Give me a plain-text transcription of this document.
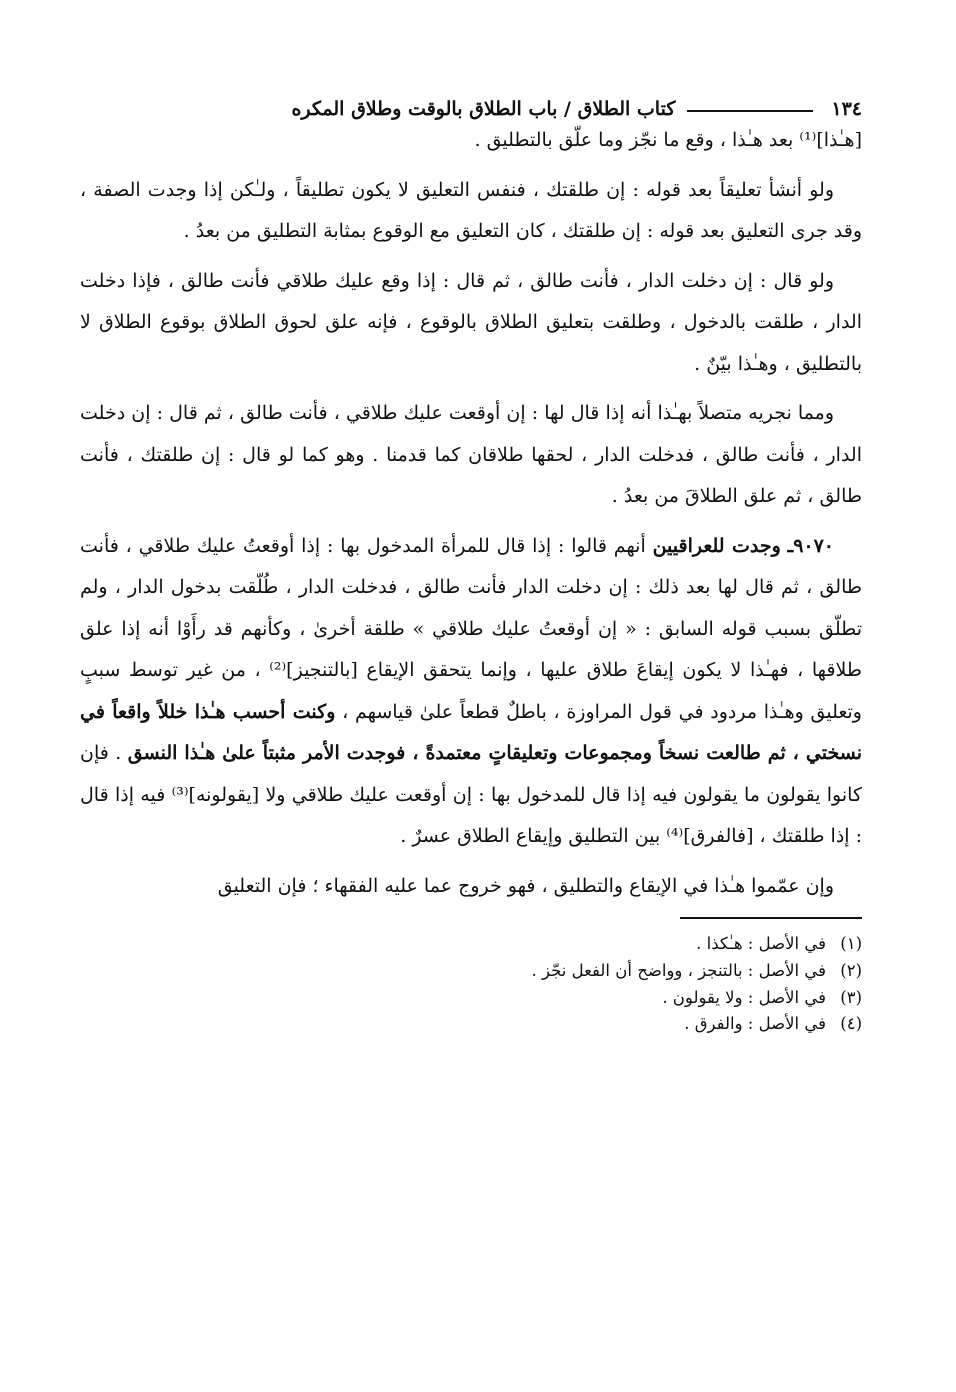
١٣٤
كتاب الطلاق / باب الطلاق بالوقت وطلاق المكره

[هـٰذا]⁽¹⁾ بعد هـٰذا ، وقع ما نجّز وما علّق بالتطليق .

ولو أنشأ تعليقاً بعد قوله : إن طلقتك ، فنفس التعليق لا يكون تطليقاً ، ولـٰكن إذا وجدت الصفة ، وقد جرى التعليق بعد قوله : إن طلقتك ، كان التعليق مع الوقوع بمثابة التطليق من بعدُ .

ولو قال : إن دخلت الدار ، فأنت طالق ، ثم قال : إذا وقع عليك طلاقي فأنت طالق ، فإذا دخلت الدار ، طلقت بالدخول ، وطلقت بتعليق الطلاق بالوقوع ، فإنه علق لحوق الطلاق بوقوع الطلاق لا بالتطليق ، وهـٰذا بيّنٌ .

ومما نجريه متصلاً بهـٰذا أنه إذا قال لها : إن أوقعت عليك طلاقي ، فأنت طالق ، ثم قال : إن دخلت الدار ، فأنت طالق ، فدخلت الدار ، لحقها طلاقان كما قدمنا . وهو كما لو قال : إن طلقتك ، فأنت طالق ، ثم علق الطلاقَ من بعدُ .

٩٠٧٠ـ وجدت للعراقيين أنهم قالوا : إذا قال للمرأة المدخول بها : إذا أوقعتُ عليك طلاقي ، فأنت طالق ، ثم قال لها بعد ذلك : إن دخلت الدار فأنت طالق ، فدخلت الدار ، طُلّقت بدخول الدار ، ولم تطلّق بسبب قوله السابق : « إن أوقعتُ عليك طلاقي » طلقة أخرىٰ ، وكأنهم قد رأَوْا أنه إذا علق طلاقها ، فهـٰذا لا يكون إيقاعَ طلاق عليها ، وإنما يتحقق الإيقاع [بالتنجيز]⁽²⁾ ، من غير توسط سببٍ وتعليق وهـٰذا مردود في قول المراوزة ، باطلٌ قطعاً علىٰ قياسهم ، وكنت أحسب هـٰذا خللاً واقعاً في نسختي ، ثم طالعت نسخاً ومجموعات وتعليقاتٍ معتمدةً ، فوجدت الأمر مثبتاً علىٰ هـٰذا النسق . فإن كانوا يقولون ما يقولون فيه إذا قال للمدخول بها : إن أوقعت عليك طلاقي ولا [يقولونه]⁽³⁾ فيه إذا قال : إذا طلقتك ، [فالفرق]⁽⁴⁾ بين التطليق وإيقاع الطلاق عسرٌ .

وإن عمّموا هـٰذا في الإيقاع والتطليق ، فهو خروج عما عليه الفقهاء ؛ فإن التعليق

(١)
في الأصل : هـٰكذا .
(٢)
في الأصل : بالتنجز ، وواضح أن الفعل نجّز .
(٣)
في الأصل : ولا يقولون .
(٤)
في الأصل : والفرق .
